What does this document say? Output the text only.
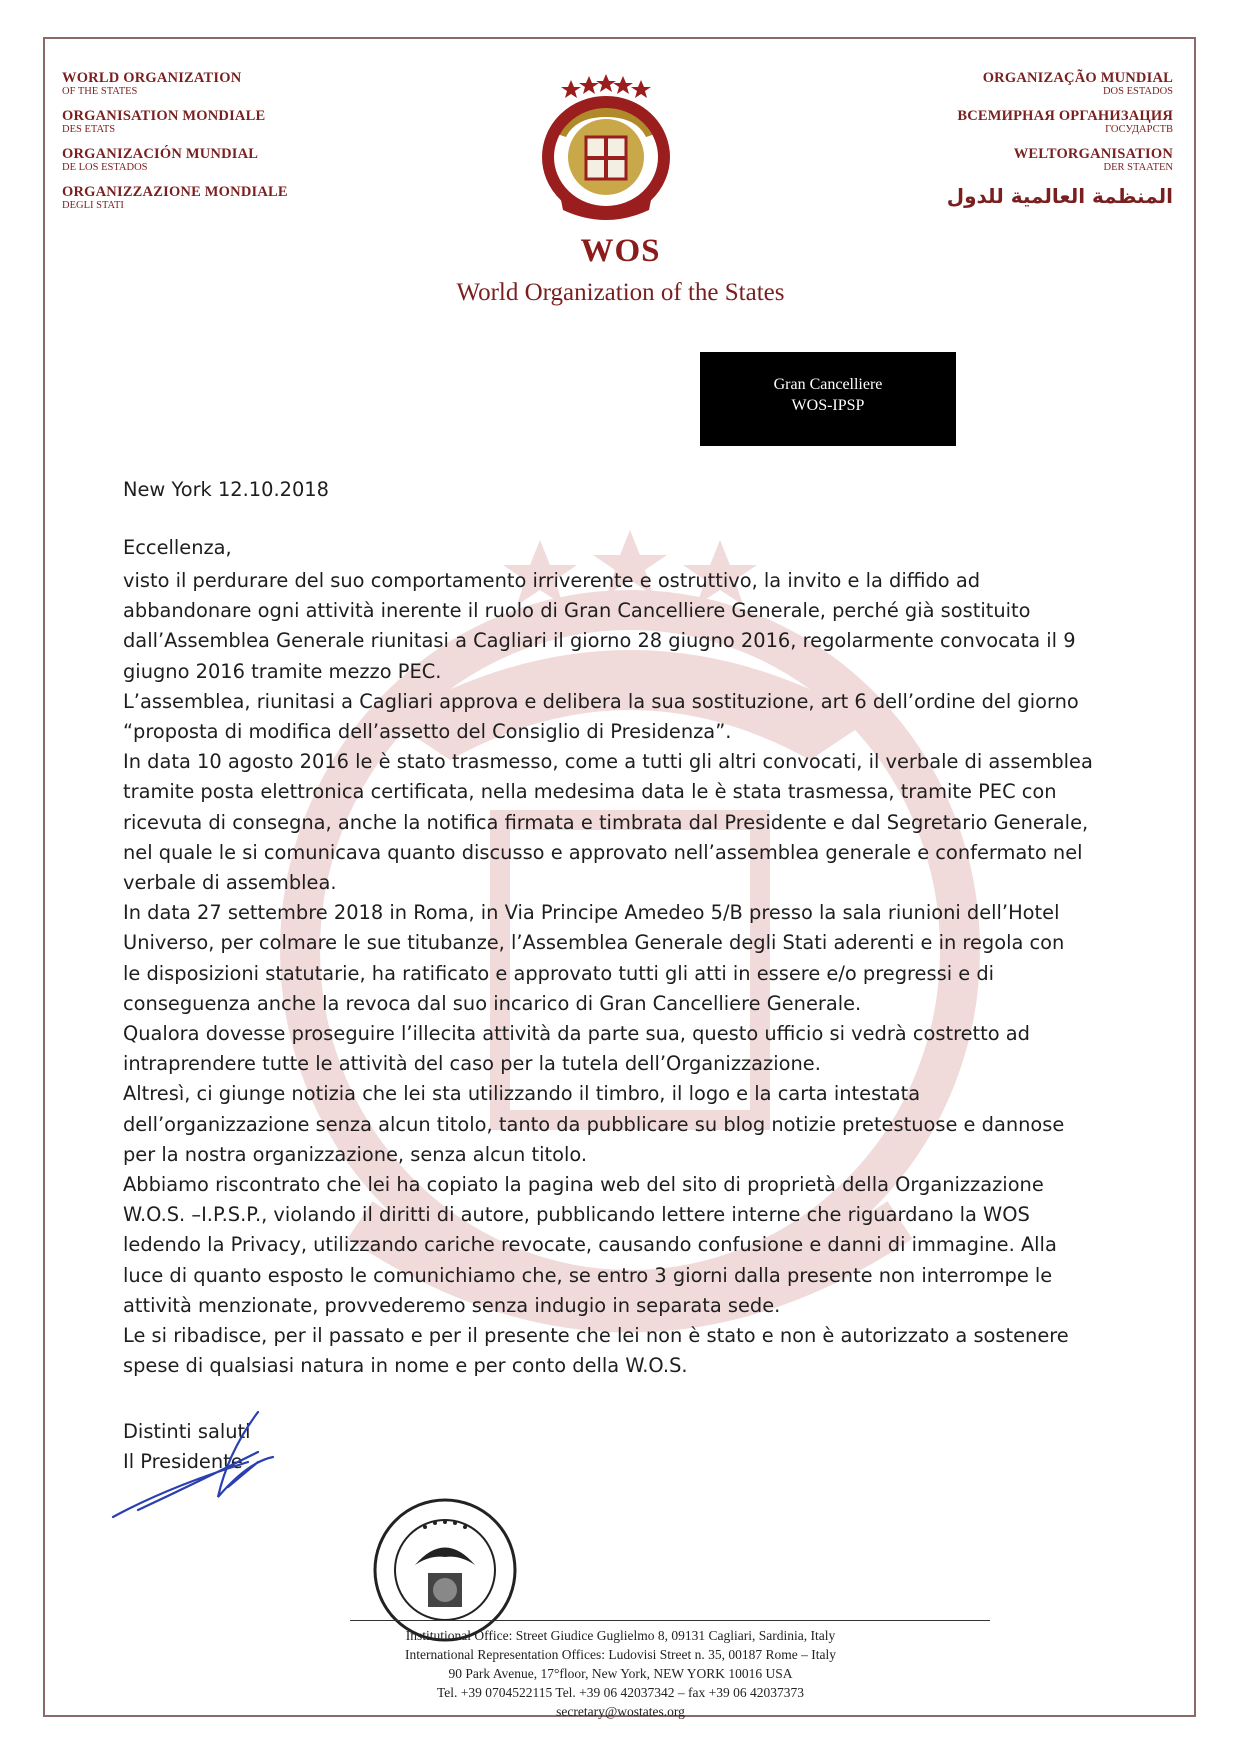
WORLD ORGANIZATION
OF THE STATES
ORGANISATION MONDIALE
DES ETATS
ORGANIZACIÓN MUNDIAL
DE LOS ESTADOS
ORGANIZZAZIONE MONDIALE
DEGLI STATI
ORGANIZAÇÃO MUNDIAL
DOS ESTADOS
ВСЕМИРНАЯ ОРГАНИЗАЦИЯ
ГОСУДАРСТВ
WELTORGANISATION
DER STAATEN
المنظمة العالمية للدول
WOS
World Organization of the States
Gran Cancelliere
WOS-IPSP
New York 12.10.2018
Eccellenza,

visto il perdurare del suo comportamento irriverente e ostruttivo, la invito e la diffido ad

abbandonare ogni attività inerente il ruolo di Gran Cancelliere Generale, perché già sostituito

dall’Assemblea Generale riunitasi a Cagliari il giorno 28 giugno 2016, regolarmente convocata il 9

giugno 2016 tramite mezzo PEC.

L’assemblea, riunitasi a Cagliari approva e delibera la sua sostituzione, art 6 dell’ordine del giorno

“proposta di modifica dell’assetto del Consiglio di Presidenza”.

In data 10 agosto 2016 le è stato trasmesso, come a tutti gli altri convocati, il verbale di assemblea

tramite posta elettronica certificata, nella medesima data le è stata trasmessa, tramite PEC con

ricevuta di consegna, anche la notifica firmata e timbrata dal Presidente e dal Segretario Generale,

nel quale le si comunicava quanto discusso e approvato nell’assemblea generale e confermato nel

verbale di assemblea.

In data 27 settembre 2018 in Roma, in Via Principe Amedeo 5/B presso la sala riunioni dell’Hotel

Universo, per colmare le sue titubanze, l’Assemblea Generale degli Stati aderenti e in regola con

le disposizioni statutarie, ha ratificato e approvato tutti gli atti in essere e/o pregressi e di

conseguenza anche la revoca dal suo incarico di Gran Cancelliere Generale.

Qualora dovesse proseguire l’illecita attività da parte sua, questo ufficio si vedrà costretto ad

intraprendere tutte le attività del caso per la tutela dell’Organizzazione.

Altresì, ci giunge notizia che lei sta utilizzando il timbro, il logo e la carta intestata

dell’organizzazione senza alcun titolo, tanto da pubblicare su blog notizie pretestuose e dannose

per la nostra organizzazione, senza alcun titolo.

Abbiamo riscontrato che lei ha copiato la pagina web del sito di proprietà della Organizzazione

W.O.S. –I.P.S.P., violando il diritti di autore, pubblicando lettere interne che riguardano la WOS

ledendo la Privacy, utilizzando cariche revocate, causando confusione e danni di immagine. Alla

luce di quanto esposto le comunichiamo che, se entro 3 giorni dalla presente non interrompe le

attività menzionate, provvederemo senza indugio in separata sede.

Le si ribadisce, per il passato e per il presente che lei non è stato e non è autorizzato a sostenere

spese di qualsiasi natura in nome e per conto della W.O.S.

Distinti saluti
Il Presidente
Institutional Office: Street Giudice Guglielmo 8, 09131 Cagliari, Sardinia, Italy
International Representation Offices: Ludovisi Street n. 35, 00187 Rome – Italy
90 Park Avenue, 17°floor, New York, NEW YORK 10016 USA
Tel. +39 0704522115 Tel. +39 06 42037342 – fax +39 06 42037373
secretary@wostates.org
